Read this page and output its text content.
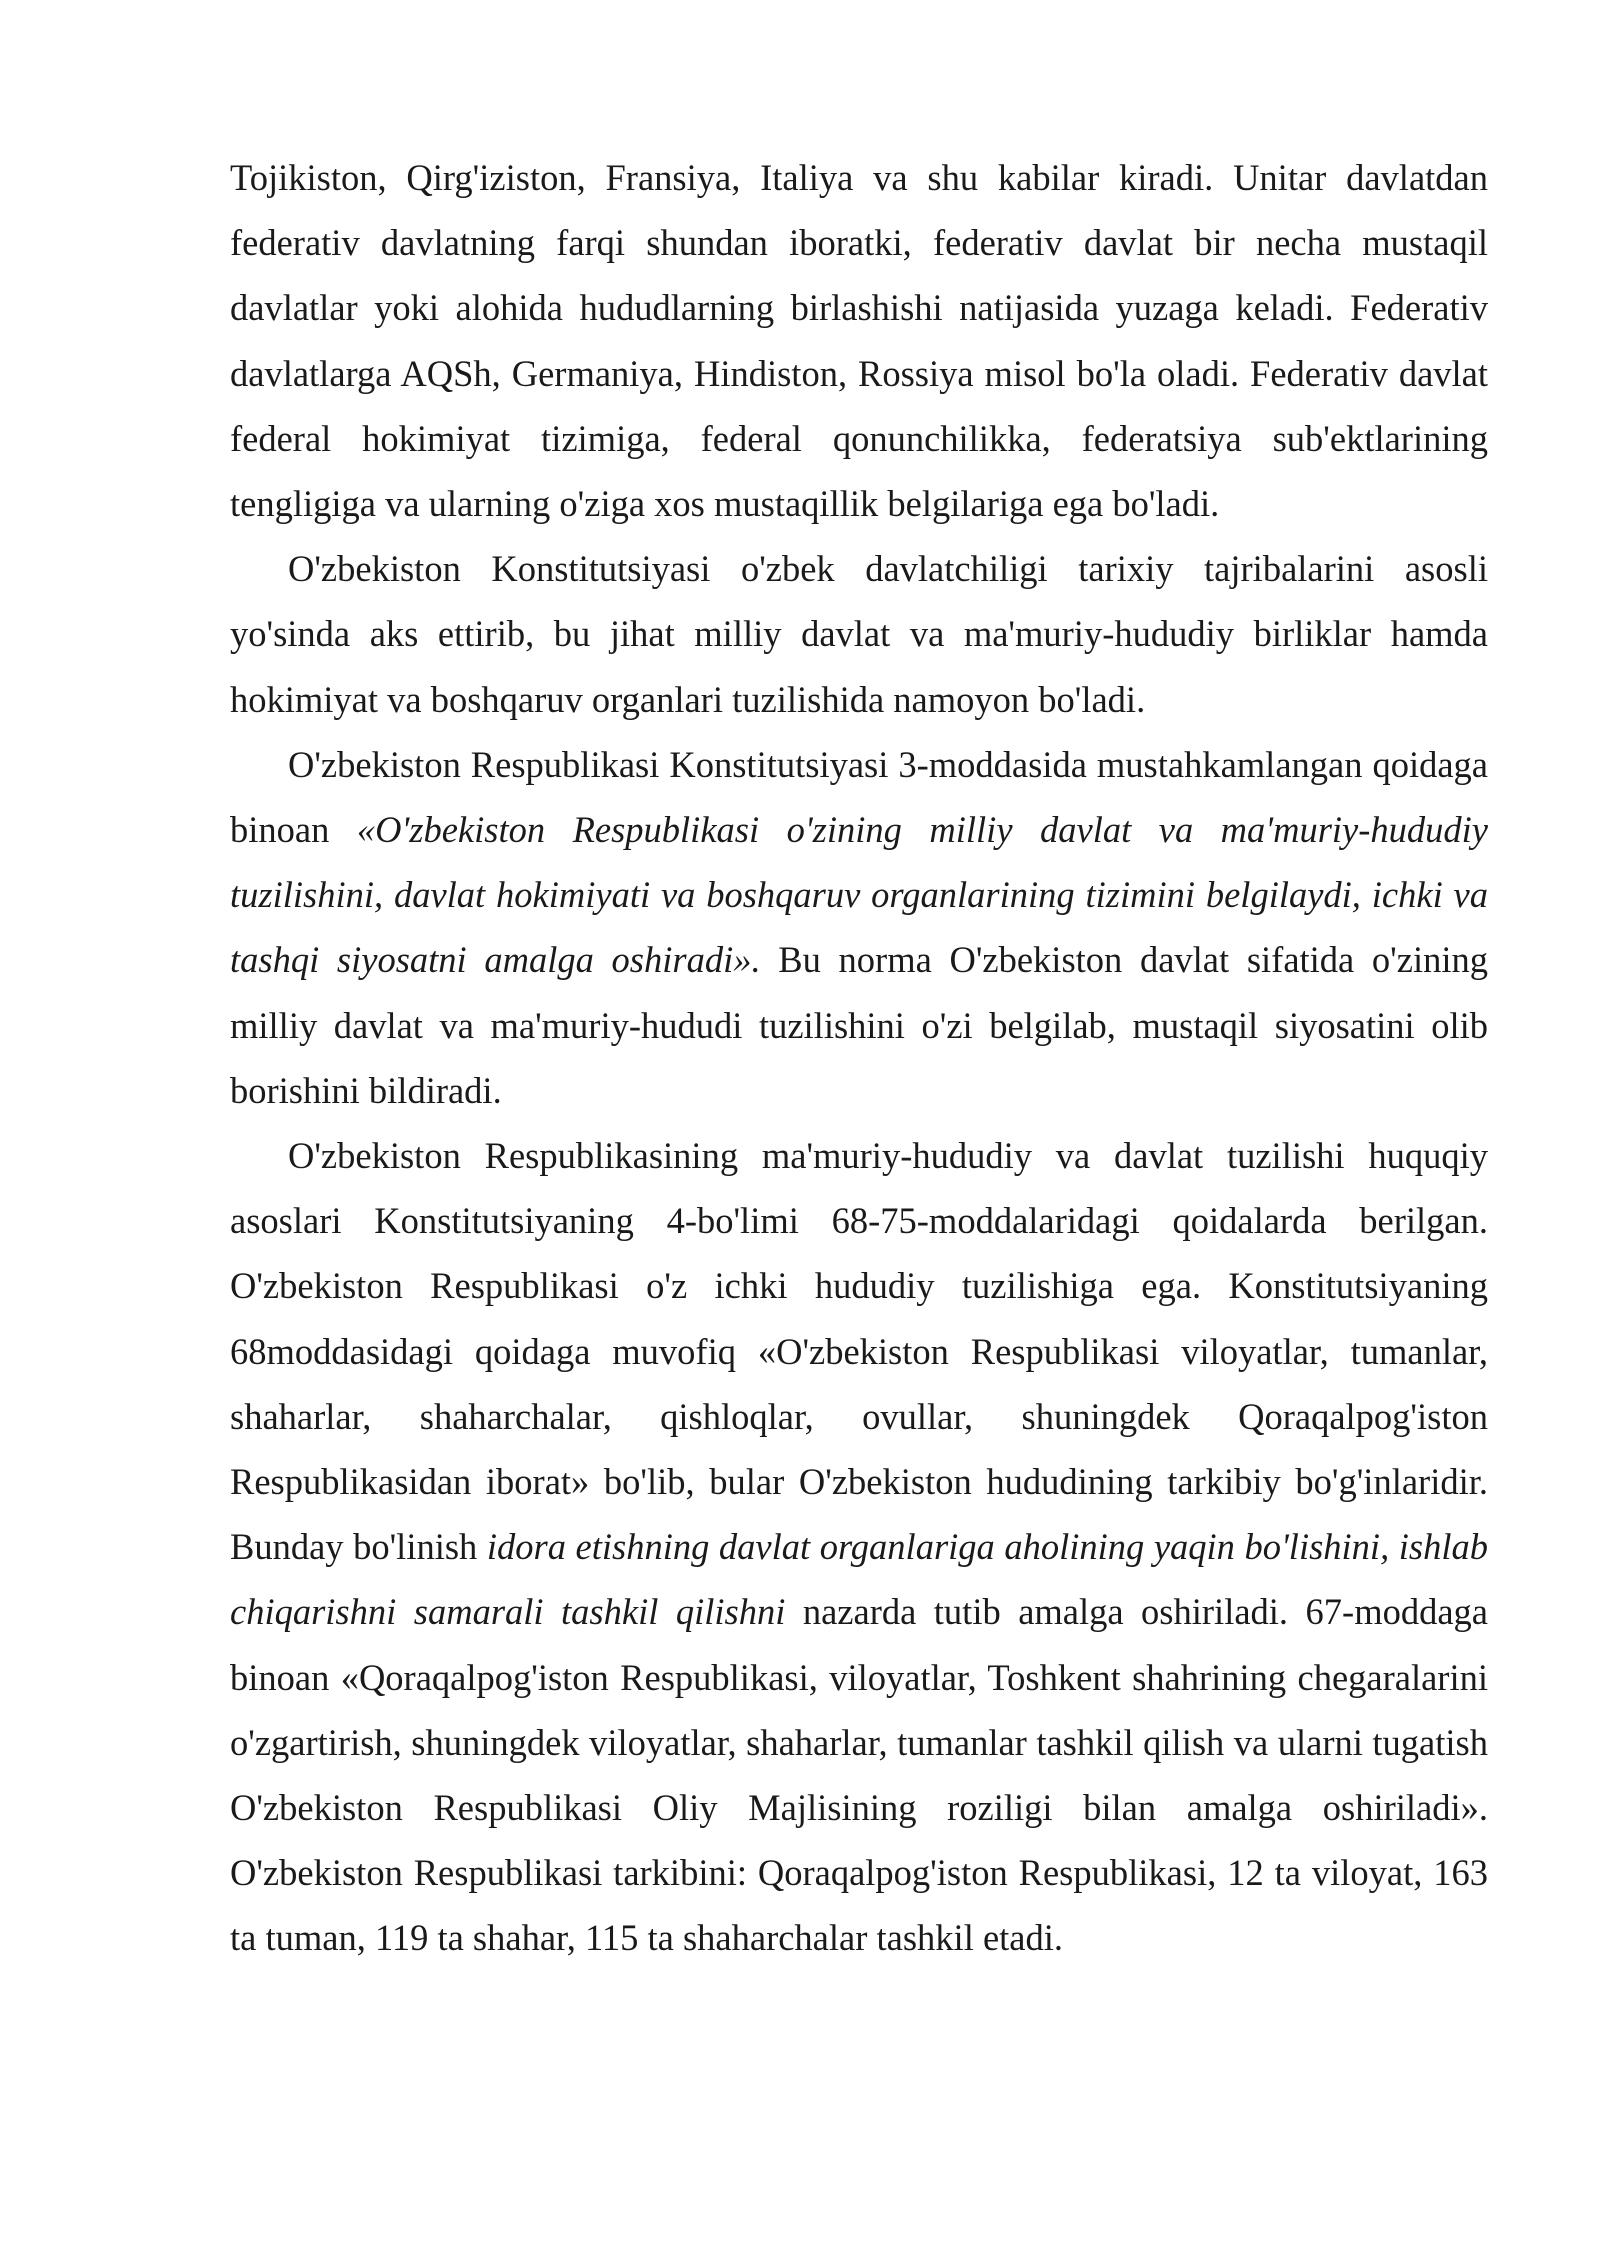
Tojikiston, Qirg'iziston, Fransiya, Italiya va shu kabilar kiradi. Unitar davlatdan federativ davlatning farqi shundan iboratki, federativ davlat bir necha mustaqil davlatlar yoki alohida hududlarning birlashishi natijasida yuzaga keladi. Federativ davlatlarga AQSh, Germaniya, Hindiston, Rossiya misol bo'la oladi. Federativ davlat federal hokimiyat tizimiga, federal qonunchilikka, federatsiya sub'ektlarining tengligiga va ularning o'ziga xos mustaqillik belgilariga ega bo'ladi.

O'zbekiston Konstitutsiyasi o'zbek davlatchiligi tarixiy tajribalarini asosli yo'sinda aks ettirib, bu jihat milliy davlat va ma'muriy-hududiy birliklar hamda hokimiyat va boshqaruv organlari tuzilishida namoyon bo'ladi.

O'zbekiston Respublikasi Konstitutsiyasi 3-moddasida mustahkamlangan qoidaga binoan «O'zbekiston Respublikasi o'zining milliy davlat va ma'muriy-hududiy tuzilishini, davlat hokimiyati va boshqaruv organlarining tizimini belgilaydi, ichki va tashqi siyosatni amalga oshiradi». Bu norma O'zbekiston davlat sifatida o'zining milliy davlat va ma'muriy-hududi tuzilishini o'zi belgilab, mustaqil siyosatini olib borishini bildiradi.

O'zbekiston Respublikasining ma'muriy-hududiy va davlat tuzilishi huquqiy asoslari Konstitutsiyaning 4-bo'limi 68-75-moddalaridagi qoidalarda berilgan. O'zbekiston Respublikasi o'z ichki hududiy tuzilishiga ega. Konstitutsiyaning 68moddasidagi qoidaga muvofiq «O'zbekiston Respublikasi viloyatlar, tumanlar, shaharlar, shaharchalar, qishloqlar, ovullar, shuningdek Qoraqalpog'iston Respublikasidan iborat» bo'lib, bular O'zbekiston hududining tarkibiy bo'g'inlaridir. Bunday bo'linish idora etishning davlat organlariga aholining yaqin bo'lishini, ishlab chiqarishni samarali tashkil qilishni nazarda tutib amalga oshiriladi. 67-moddaga binoan «Qoraqalpog'iston Respublikasi, viloyatlar, Toshkent shahrining chegaralarini o'zgartirish, shuningdek viloyatlar, shaharlar, tumanlar tashkil qilish va ularni tugatish O'zbekiston Respublikasi Oliy Majlisining roziligi bilan amalga oshiriladi». O'zbekiston Respublikasi tarkibini: Qoraqalpog'iston Respublikasi, 12 ta viloyat, 163 ta tuman, 119 ta shahar, 115 ta shaharchalar tashkil etadi.
